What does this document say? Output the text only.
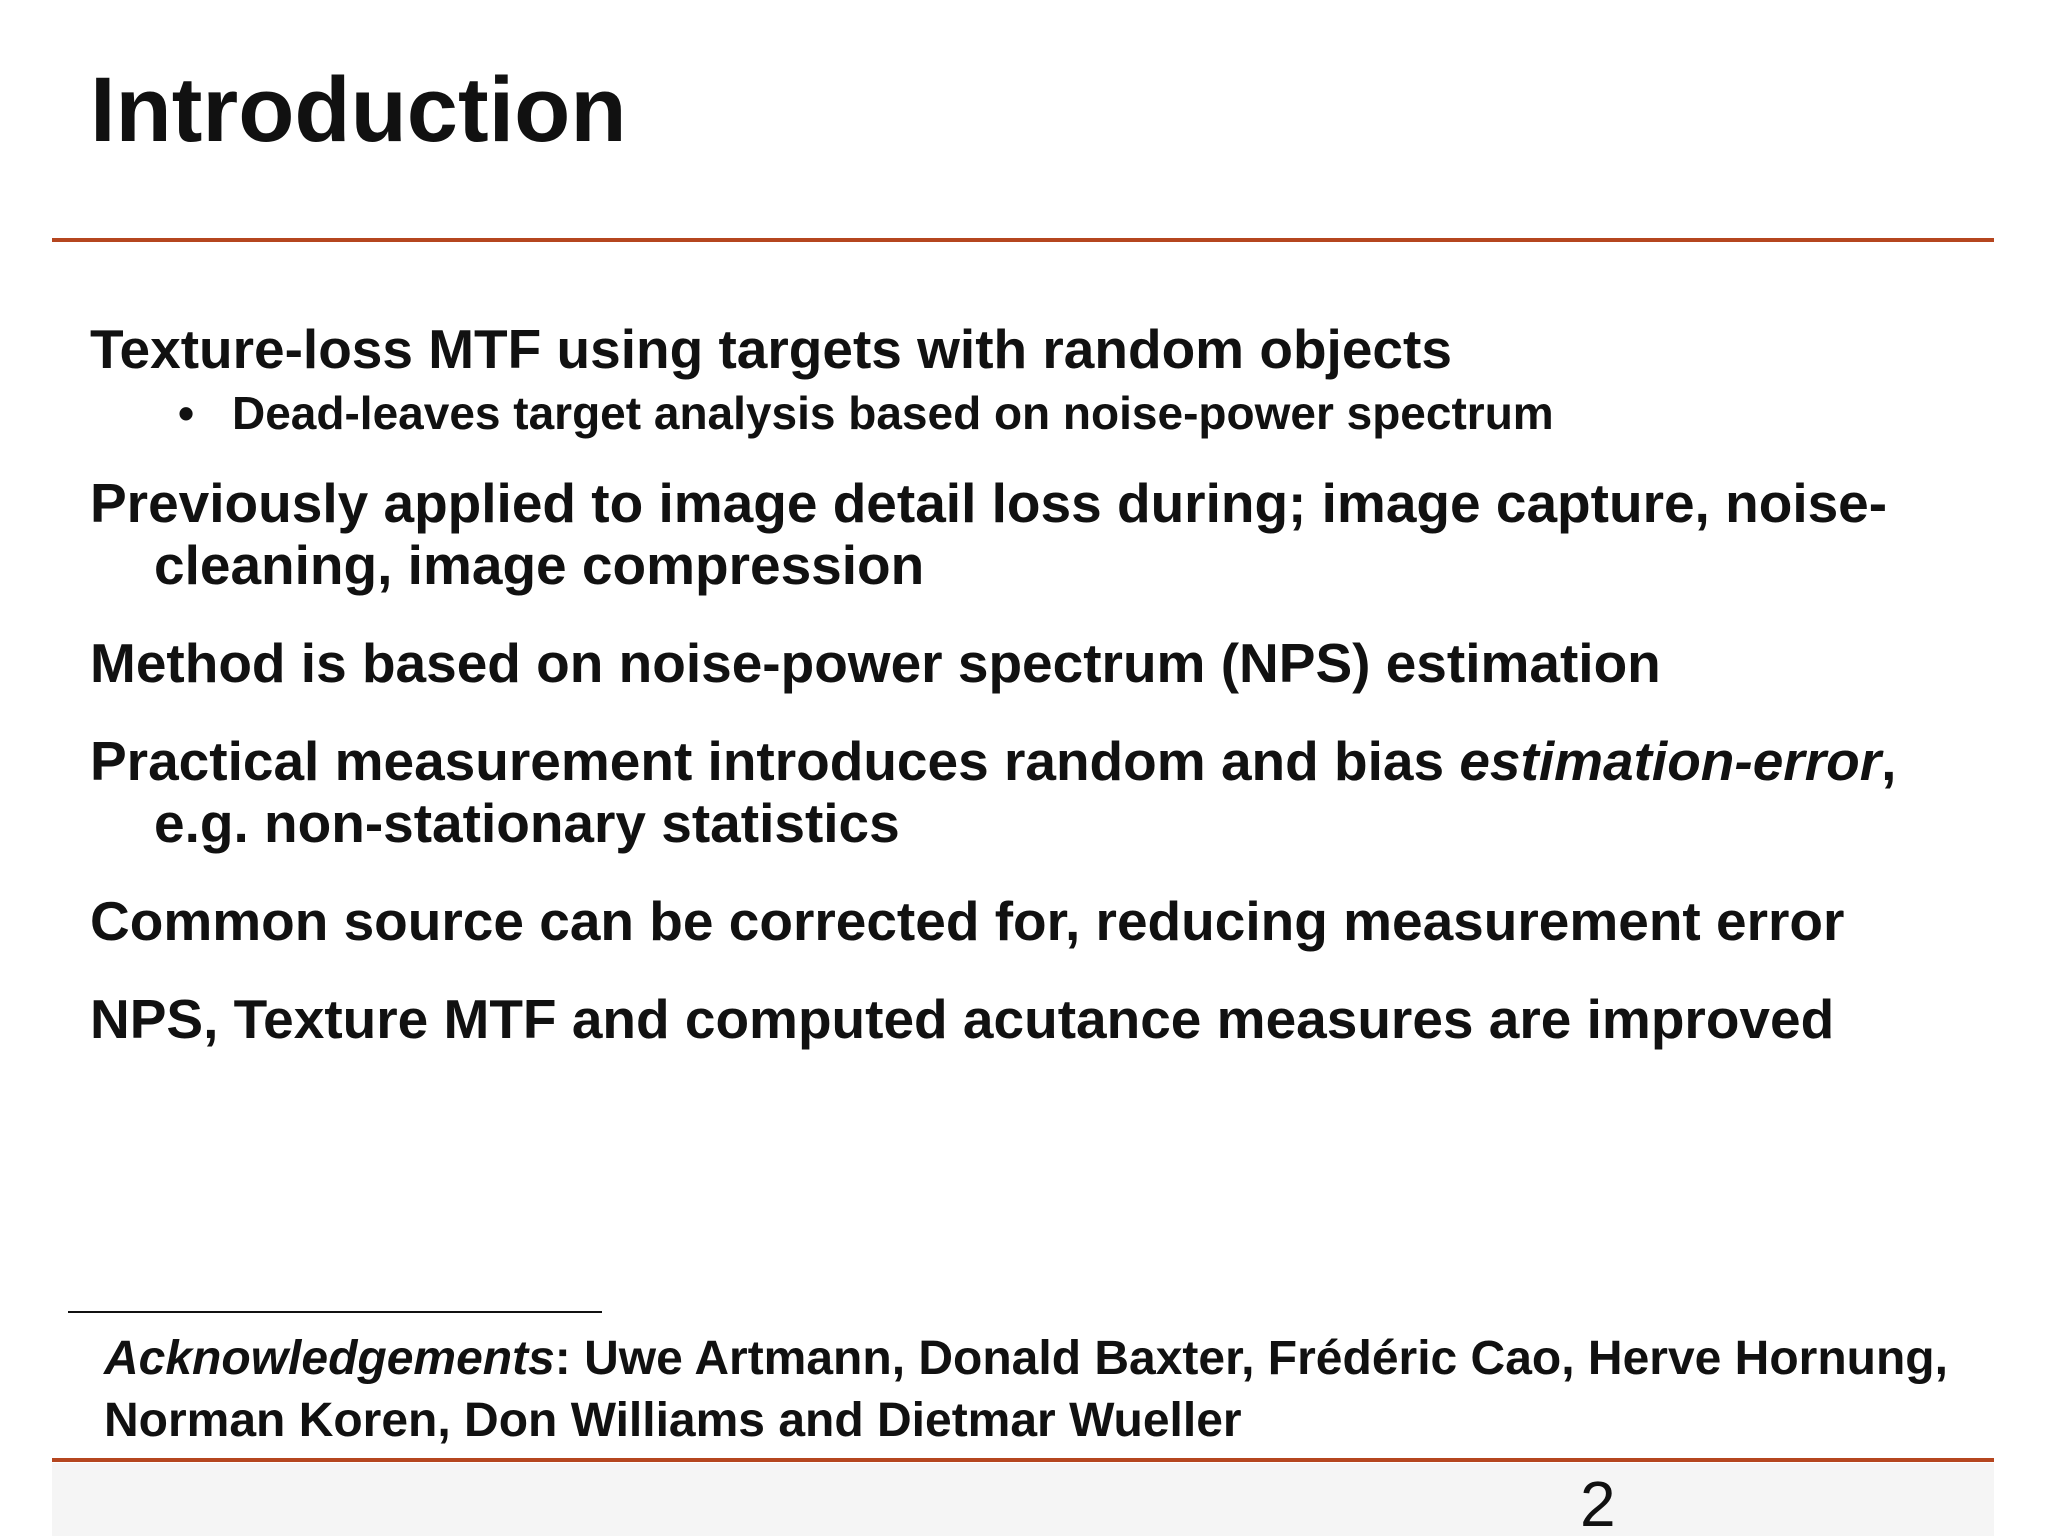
Introduction

Texture-loss MTF using targets with random objects

• Dead-leaves target analysis based on noise-power spectrum

Previously applied to image detail loss during; image capture, noise-cleaning, image compression

Method is based on noise-power spectrum (NPS) estimation

Practical measurement introduces random and bias estimation-error, e.g. non-stationary statistics

Common source can be corrected for, reducing measurement error

NPS, Texture MTF and computed acutance measures are improved

Acknowledgements: Uwe Artmann, Donald Baxter, Frédéric Cao, Herve Hornung, Norman Koren, Don Williams and Dietmar Wueller
2
